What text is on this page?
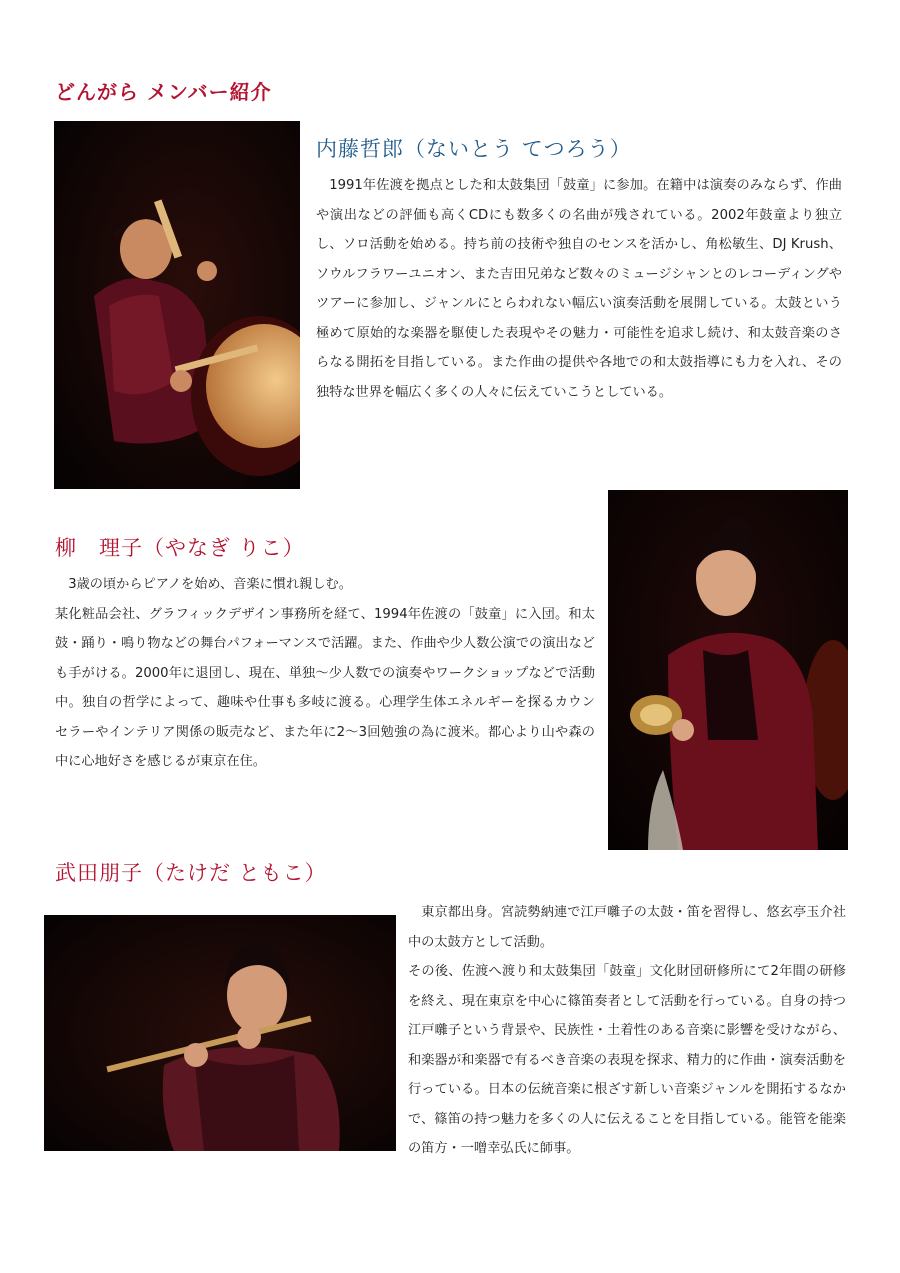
どんがら メンバー紹介
内藤哲郎（ないとう てつろう）

1991年佐渡を拠点とした和太鼓集団「鼓童」に参加。在籍中は演奏のみならず、作曲や演出などの評価も高くCDにも数多くの名曲が残されている。2002年鼓童より独立し、ソロ活動を始める。持ち前の技術や独自のセンスを活かし、角松敏生、DJ Krush、ソウルフラワーユニオン、また吉田兄弟など数々のミュージシャンとのレコーディングやツアーに参加し、ジャンルにとらわれない幅広い演奏活動を展開している。太鼓という極めて原始的な楽器を駆使した表現やその魅力・可能性を追求し続け、和太鼓音楽のさらなる開拓を目指している。また作曲の提供や各地での和太鼓指導にも力を入れ、その独特な世界を幅広く多くの人々に伝えていこうとしている。

柳　理子（やなぎ りこ）

3歳の頃からピアノを始め、音楽に慣れ親しむ。
某化粧品会社、グラフィックデザイン事務所を経て、1994年佐渡の「鼓童」に入団。和太鼓・踊り・鳴り物などの舞台パフォーマンスで活躍。また、作曲や少人数公演での演出なども手がける。2000年に退団し、現在、単独～少人数での演奏やワークショップなどで活動中。独自の哲学によって、趣味や仕事も多岐に渡る。心理学生体エネルギーを探るカウンセラーやインテリア関係の販売など、また年に2～3回勉強の為に渡米。都心より山や森の中に心地好さを感じるが東京在住。

武田朋子（たけだ ともこ）

東京都出身。宮読勢納連で江戸囃子の太鼓・笛を習得し、悠玄亭玉介社中の太鼓方として活動。
その後、佐渡へ渡り和太鼓集団「鼓童」文化財団研修所にて2年間の研修を終え、現在東京を中心に篠笛奏者として活動を行っている。自身の持つ江戸囃子という背景や、民族性・土着性のある音楽に影響を受けながら、和楽器が和楽器で有るべき音楽の表現を探求、精力的に作曲・演奏活動を行っている。日本の伝統音楽に根ざす新しい音楽ジャンルを開拓するなかで、篠笛の持つ魅力を多くの人に伝えることを目指している。能管を能楽の笛方・一噌幸弘氏に師事。
